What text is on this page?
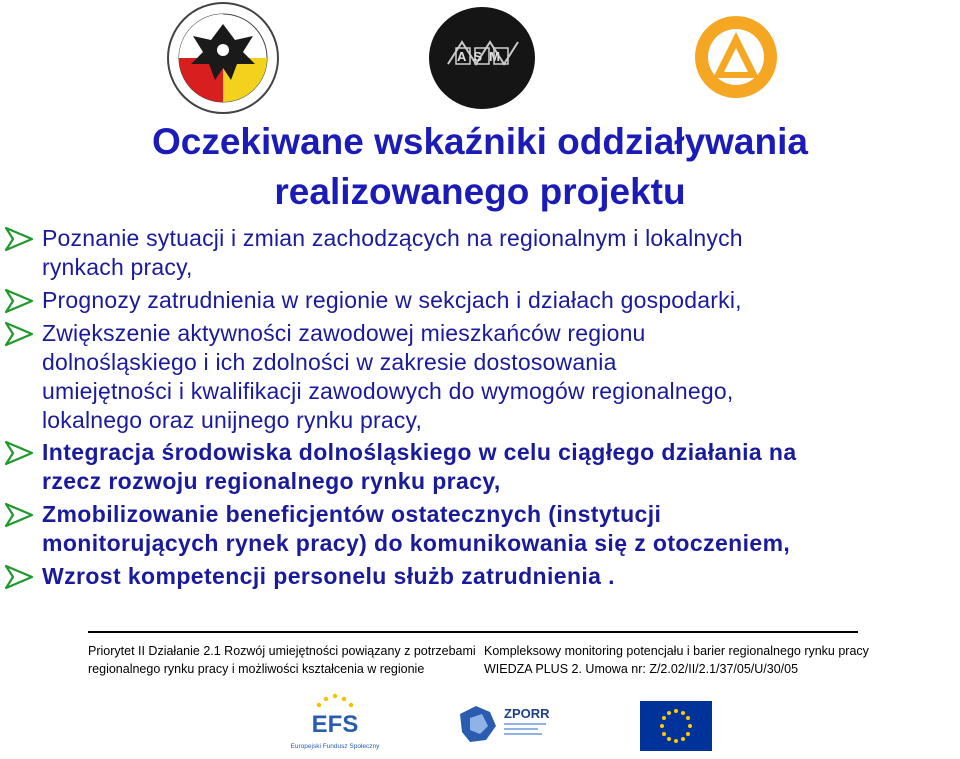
ASM
Oczekiwane wskaźniki oddziaływania
realizowanego projektu
Poznanie sytuacji i zmian zachodzących na regionalnym i lokalnych
rynkach pracy,
Prognozy zatrudnienia w regionie w sekcjach i działach gospodarki,
Zwiększenie aktywności zawodowej mieszkańców regionu
dolnośląskiego i ich zdolności w zakresie dostosowania
umiejętności i kwalifikacji zawodowych do wymogów regionalnego,
lokalnego oraz unijnego rynku pracy,
Integracja środowiska dolnośląskiego w celu ciągłego działania na
rzecz rozwoju regionalnego rynku pracy,
Zmobilizowanie beneficjentów ostatecznych (instytucji
monitorujących rynek pracy) do komunikowania się z otoczeniem,
Wzrost kompetencji personelu służb zatrudnienia .
Priorytet II Działanie 2.1 Rozwój umiejętności powiązany z potrzebami
regionalnego rynku pracy i możliwości kształcenia w regionie
Kompleksowy monitoring potencjału i barier regionalnego rynku pracy
WIEDZA PLUS 2. Umowa nr: Z/2.02/II/2.1/37/05/U/30/05
EFS
Europejski Fundusz Społeczny
ZPORR
